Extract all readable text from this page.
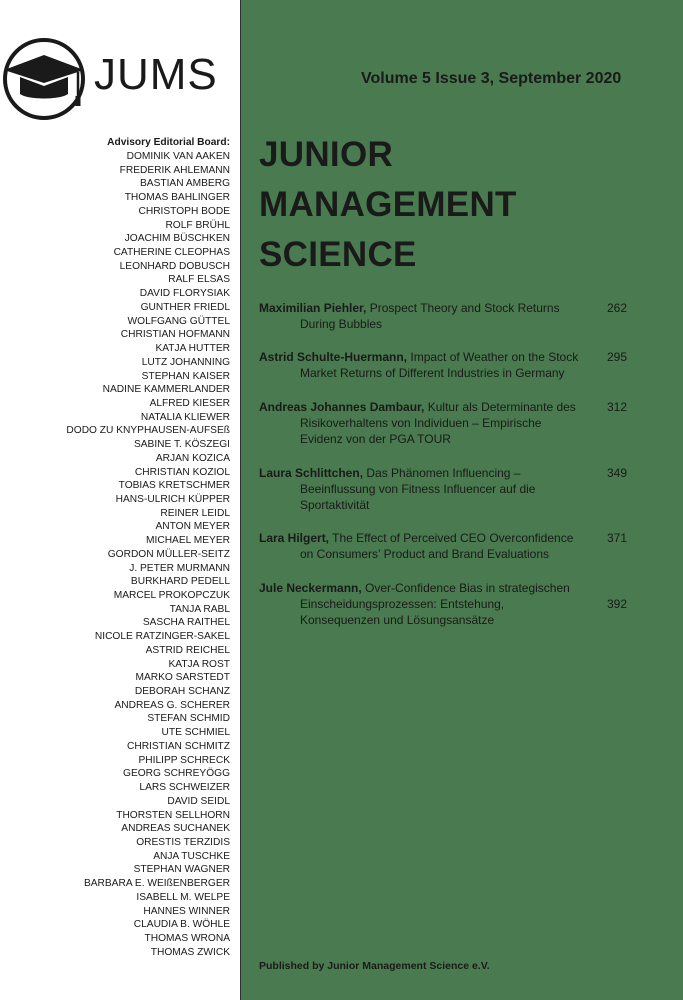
JUMS
Advisory Editorial Board:
DOMINIK VAN AAKEN
FREDERIK AHLEMANN
BASTIAN AMBERG
THOMAS BAHLINGER
CHRISTOPH BODE
ROLF BRÜHL
JOACHIM BÜSCHKEN
CATHERINE CLEOPHAS
LEONHARD DOBUSCH
RALF ELSAS
DAVID FLORYSIAK
GUNTHER FRIEDL
WOLFGANG GÜTTEL
CHRISTIAN HOFMANN
KATJA HUTTER
LUTZ JOHANNING
STEPHAN KAISER
NADINE KAMMERLANDER
ALFRED KIESER
NATALIA KLIEWER
DODO ZU KNYPHAUSEN-AUFSEß
SABINE T. KÖSZEGI
ARJAN KOZICA
CHRISTIAN KOZIOL
TOBIAS KRETSCHMER
HANS-ULRICH KÜPPER
REINER LEIDL
ANTON MEYER
MICHAEL MEYER
GORDON MÜLLER-SEITZ
J. PETER MURMANN
BURKHARD PEDELL
MARCEL PROKOPCZUK
TANJA RABL
SASCHA RAITHEL
NICOLE RATZINGER-SAKEL
ASTRID REICHEL
KATJA ROST
MARKO SARSTEDT
DEBORAH SCHANZ
ANDREAS G. SCHERER
STEFAN SCHMID
UTE SCHMIEL
CHRISTIAN SCHMITZ
PHILIPP SCHRECK
GEORG SCHREYÖGG
LARS SCHWEIZER
DAVID SEIDL
THORSTEN SELLHORN
ANDREAS SUCHANEK
ORESTIS TERZIDIS
ANJA TUSCHKE
STEPHAN WAGNER
BARBARA E. WEIßENBERGER
ISABELL M. WELPE
HANNES WINNER
CLAUDIA B. WÖHLE
THOMAS WRONA
THOMAS ZWICK
Volume 5 Issue 3, September 2020
JUNIOR
MANAGEMENT
SCIENCE
Maximilian Piehler, Prospect Theory and Stock Returns
During Bubbles
262
Astrid Schulte-Huermann, Impact of Weather on the Stock
Market Returns of Different Industries in Germany
295
Andreas Johannes Dambaur, Kultur als Determinante des
Risikoverhaltens von Individuen – Empirische
Evidenz von der PGA TOUR
312
Laura Schlittchen, Das Phänomen Influencing –
Beeinflussung von Fitness Influencer auf die
Sportaktivität
349
Lara Hilgert, The Effect of Perceived CEO Overconfidence
on Consumers’ Product and Brand Evaluations
371
Jule Neckermann, Over-Confidence Bias in strategischen
Einscheidungsprozessen: Entstehung,
Konsequenzen und Lösungsansätze
392
Published by Junior Management Science e.V.
